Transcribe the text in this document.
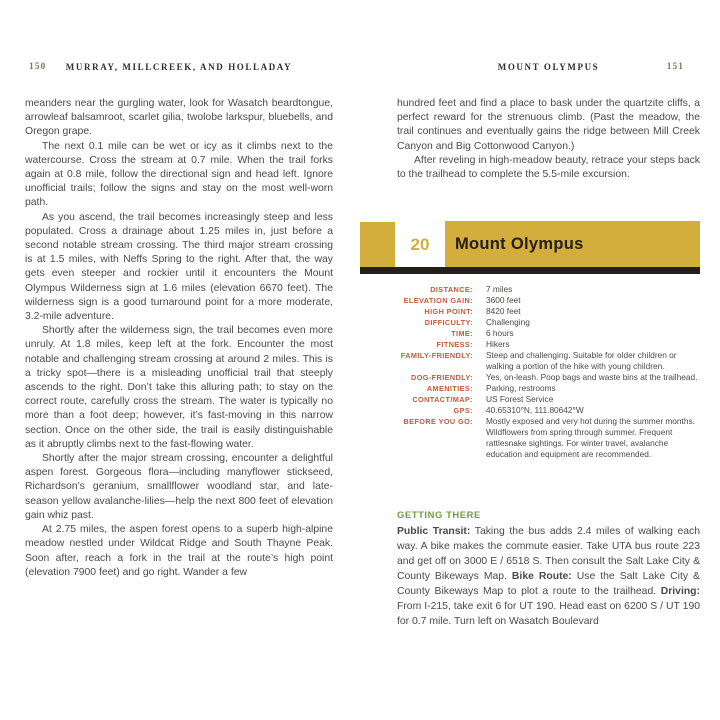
150	MURRAY, MILLCREEK, AND HOLLADAY	151
MOUNT OLYMPUS

meanders near the gurgling water, look for Wasatch beardtongue, arrowleaf balsamroot, scarlet gilia, twolobe larkspur, bluebells, and Oregon grape.

The next 0.1 mile can be wet or icy as it climbs next to the watercourse. Cross the stream at 0.7 mile. When the trail forks again at 0.8 mile, follow the directional sign and head left. Ignore unofficial trails; follow the signs and stay on the most well-worn path.

As you ascend, the trail becomes increasingly steep and less populated. Cross a drainage about 1.25 miles in, just before a second notable stream crossing. The third major stream crossing is at 1.5 miles, with Neffs Spring to the right. After that, the way gets even steeper and rockier until it encounters the Mount Olympus Wilderness sign at 1.6 miles (elevation 6670 feet). The wilderness sign is a good turnaround point for a more moderate, 3.2-mile adventure.

Shortly after the wilderness sign, the trail becomes even more unruly. At 1.8 miles, keep left at the fork. Encounter the most notable and challenging stream crossing at around 2 miles. This is a tricky spot—there is a misleading unofficial trail that steeply ascends to the right. Don’t take this alluring path; to stay on the correct route, carefully cross the stream. The water is typically no more than a foot deep; however, it’s fast-moving in this narrow section. Once on the other side, the trail is easily distinguishable as it abruptly climbs next to the fast-flowing water.

Shortly after the major stream crossing, encounter a delightful aspen forest. Gorgeous flora—including manyflower stickseed, Richardson’s geranium, smallflower woodland star, and late-season yellow avalanche-lilies—help the next 800 feet of elevation gain whiz past.

At 2.75 miles, the aspen forest opens to a superb high-alpine meadow nestled under Wildcat Ridge and South Thayne Peak. Soon after, reach a fork in the trail at the route’s high point (elevation 7900 feet) and go right. Wander a few

hundred feet and find a place to bask under the quartzite cliffs, a perfect reward for the strenuous climb. (Past the meadow, the trail continues and eventually gains the ridge between Mill Creek Canyon and Big Cottonwood Canyon.)

After reveling in high-meadow beauty, retrace your steps back to the trailhead to complete the 5.5-mile excursion.

20	Mount Olympus
DISTANCE: 7 miles
ELEVATION GAIN: 3600 feet
HIGH POINT: 8420 feet
DIFFICULTY: Challenging
TIME: 6 hours
FITNESS: Hikers
FAMILY-FRIENDLY: Steep and challenging. Suitable for older children or walking a portion of the hike with young children.
DOG-FRIENDLY: Yes, on-leash. Poop bags and waste bins at the trailhead.
AMENITIES: Parking, restrooms
CONTACT/MAP: US Forest Service
GPS: 40.65310°N, 111.80642°W
BEFORE YOU GO: Mostly exposed and very hot during the summer months. Wildflowers from spring through summer. Frequent rattlesnake sightings. For winter travel, avalanche education and equipment are recommended.

GETTING THERE

Public Transit: Taking the bus adds 2.4 miles of walking each way. A bike makes the commute easier. Take UTA bus route 223 and get off on 3000 E / 6518 S. Then consult the Salt Lake City & County Bikeways Map. Bike Route: Use the Salt Lake City & County Bikeways Map to plot a route to the trailhead. Driving: From I-215, take exit 6 for UT 190. Head east on 6200 S / UT 190 for 0.7 mile. Turn left on Wasatch Boulevard
